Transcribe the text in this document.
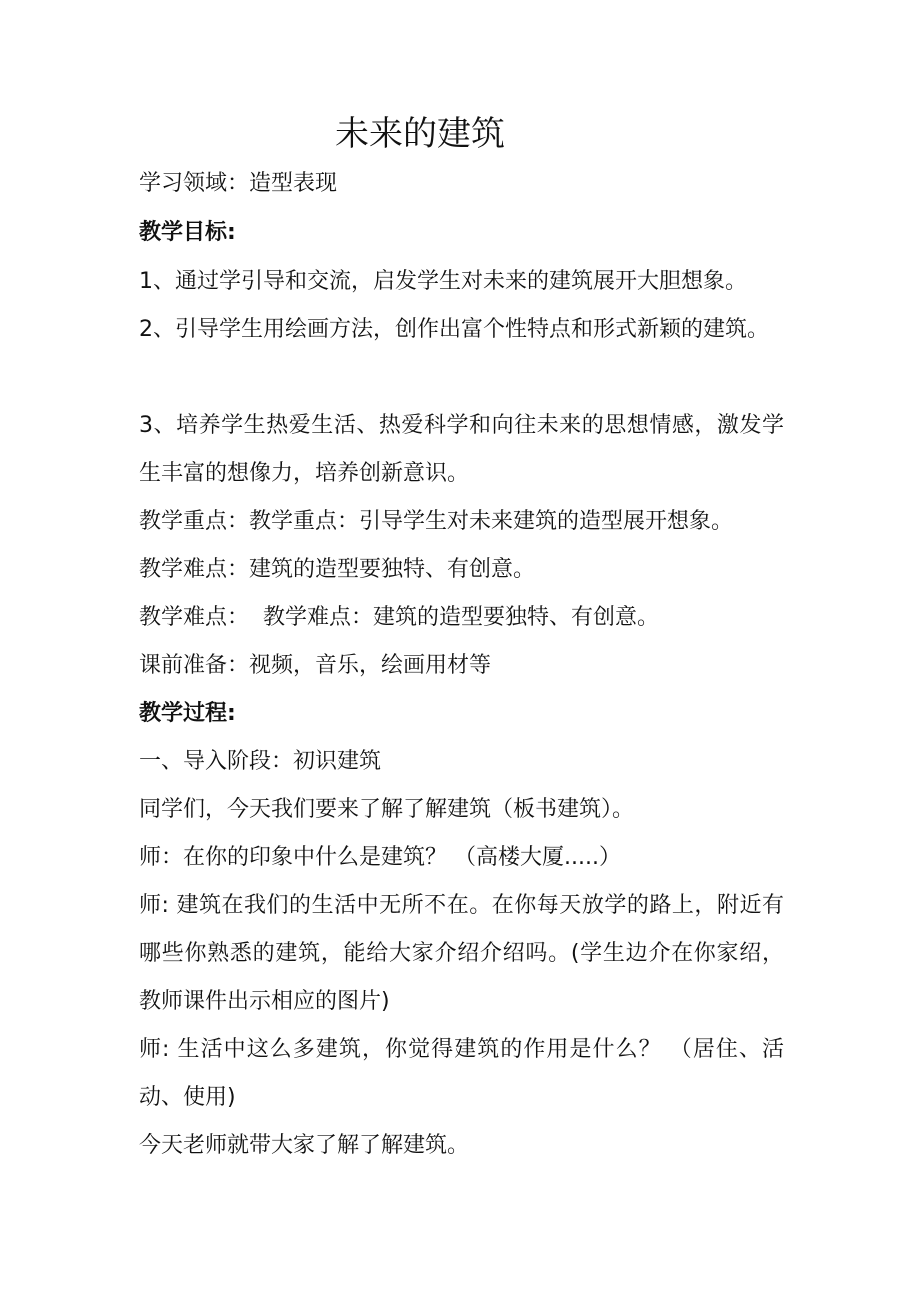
未来的建筑

学习领域：造型表现

教学目标:

1、通过学引导和交流，启发学生对未来的建筑展开大胆想象。

2、引导学生用绘画方法，创作出富个性特点和形式新颖的建筑。

3、培养学生热爱生活、热爱科学和向往未来的思想情感，激发学生丰富的想像力，培养创新意识。

教学重点：教学重点：引导学生对未来建筑的造型展开想象。

教学难点：建筑的造型要独特、有创意。

教学难点：  教学难点：建筑的造型要独特、有创意。

课前准备：视频，音乐，绘画用材等

教学过程:

一、导入阶段：初识建筑

同学们，今天我们要来了解了解建筑（板书建筑）。

师：在你的印象中什么是建筑？ （高楼大厦.....）

师: 建筑在我们的生活中无所不在。在你每天放学的路上，附近有哪些你熟悉的建筑，能给大家介绍介绍吗。(学生边介在你家绍，教师课件出示相应的图片)

师: 生活中这么多建筑，你觉得建筑的作用是什么？ （居住、活动、使用)

今天老师就带大家了解了解建筑。
